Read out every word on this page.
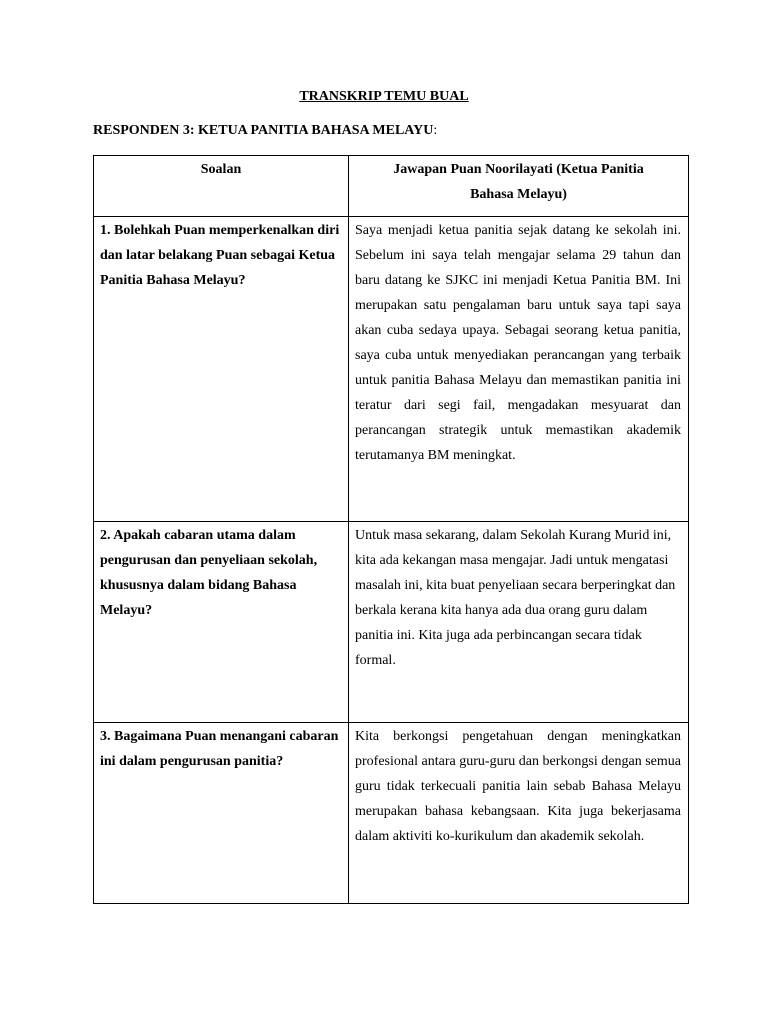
TRANSKRIP TEMU BUAL
RESPONDEN 3: KETUA PANITIA BAHASA MELAYU:
Soalan	Jawapan Puan Noorilayati (Ketua Panitia Bahasa Melayu)
1. Bolehkah Puan memperkenalkan diri dan latar belakang Puan sebagai Ketua Panitia Bahasa Melayu?	Saya menjadi ketua panitia sejak datang ke sekolah ini. Sebelum ini saya telah mengajar selama 29 tahun dan baru datang ke SJKC ini menjadi Ketua Panitia BM. Ini merupakan satu pengalaman baru untuk saya tapi saya akan cuba sedaya upaya. Sebagai seorang ketua panitia, saya cuba untuk menyediakan perancangan yang terbaik untuk panitia Bahasa Melayu dan memastikan panitia ini teratur dari segi fail, mengadakan mesyuarat dan perancangan strategik untuk memastikan akademik terutamanya BM meningkat.
2. Apakah cabaran utama dalam pengurusan dan penyeliaan sekolah, khususnya dalam bidang Bahasa Melayu?	Untuk masa sekarang, dalam Sekolah Kurang Murid ini, kita ada kekangan masa mengajar. Jadi untuk mengatasi masalah ini, kita buat penyeliaan secara berperingkat dan berkala kerana kita hanya ada dua orang guru dalam panitia ini. Kita juga ada perbincangan secara tidak formal.
3. Bagaimana Puan menangani cabaran ini dalam pengurusan panitia?	Kita berkongsi pengetahuan dengan meningkatkan profesional antara guru-guru dan berkongsi dengan semua guru tidak terkecuali panitia lain sebab Bahasa Melayu merupakan bahasa kebangsaan. Kita juga bekerjasama dalam aktiviti ko-kurikulum dan akademik sekolah.
